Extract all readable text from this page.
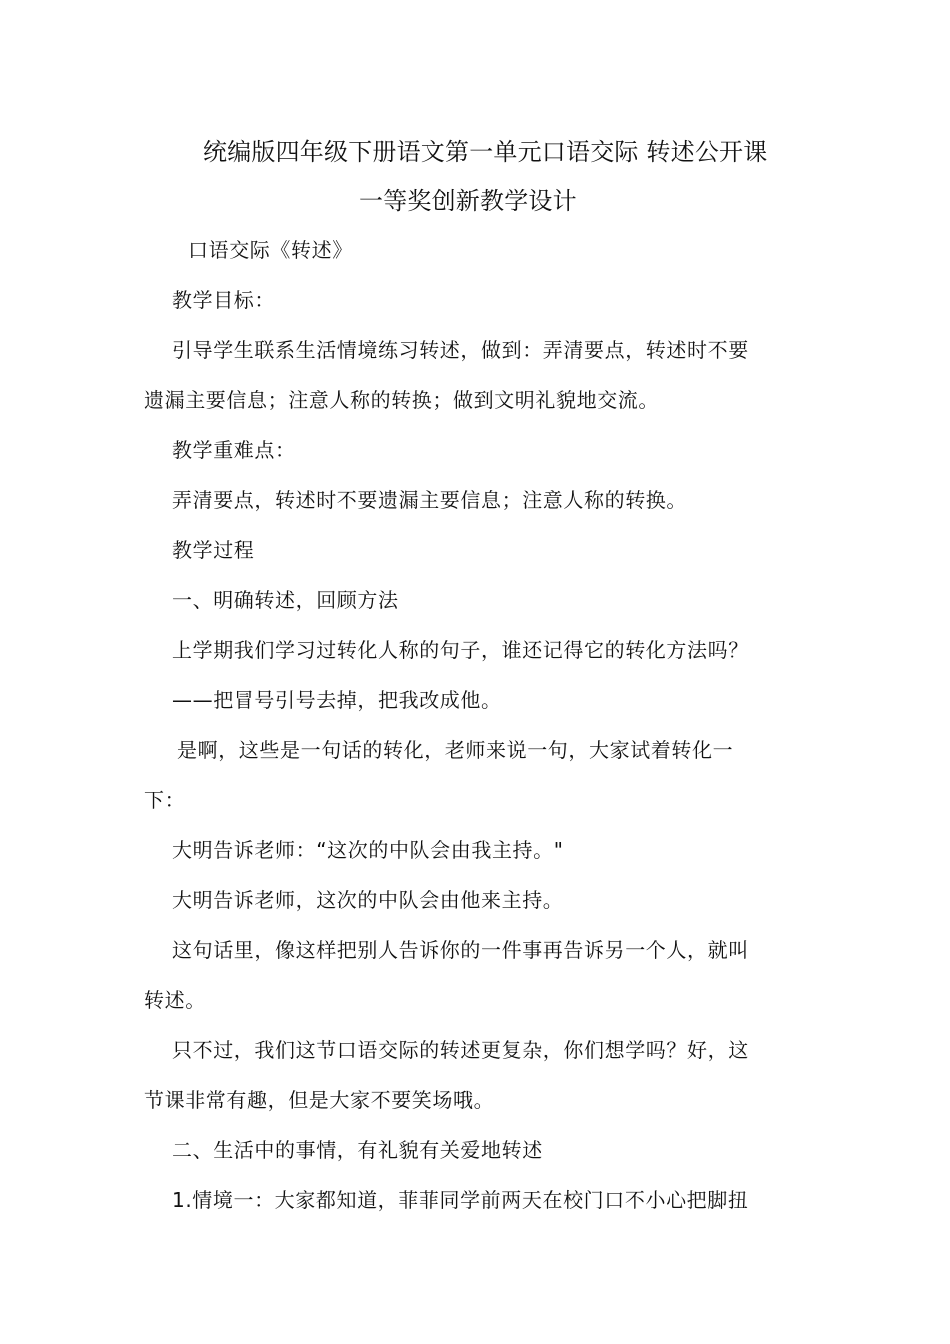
统编版四年级下册语文第一单元口语交际 转述公开课
一等奖创新教学设计
口语交际《转述》
教学目标：
引导学生联系生活情境练习转述，做到：弄清要点，转述时不要
遗漏主要信息；注意人称的转换；做到文明礼貌地交流。
教学重难点：
弄清要点，转述时不要遗漏主要信息；注意人称的转换。
教学过程
一、明确转述，回顾方法
上学期我们学习过转化人称的句子，谁还记得它的转化方法吗？
——把冒号引号去掉，把我改成他。
是啊，这些是一句话的转化，老师来说一句，大家试着转化一
下：
大明告诉老师：“这次的中队会由我主持。"
大明告诉老师，这次的中队会由他来主持。
这句话里，像这样把别人告诉你的一件事再告诉另一个人，就叫
转述。
只不过，我们这节口语交际的转述更复杂，你们想学吗？好，这
节课非常有趣，但是大家不要笑场哦。
二、生活中的事情，有礼貌有关爱地转述
1.情境一：大家都知道，菲菲同学前两天在校门口不小心把脚扭
